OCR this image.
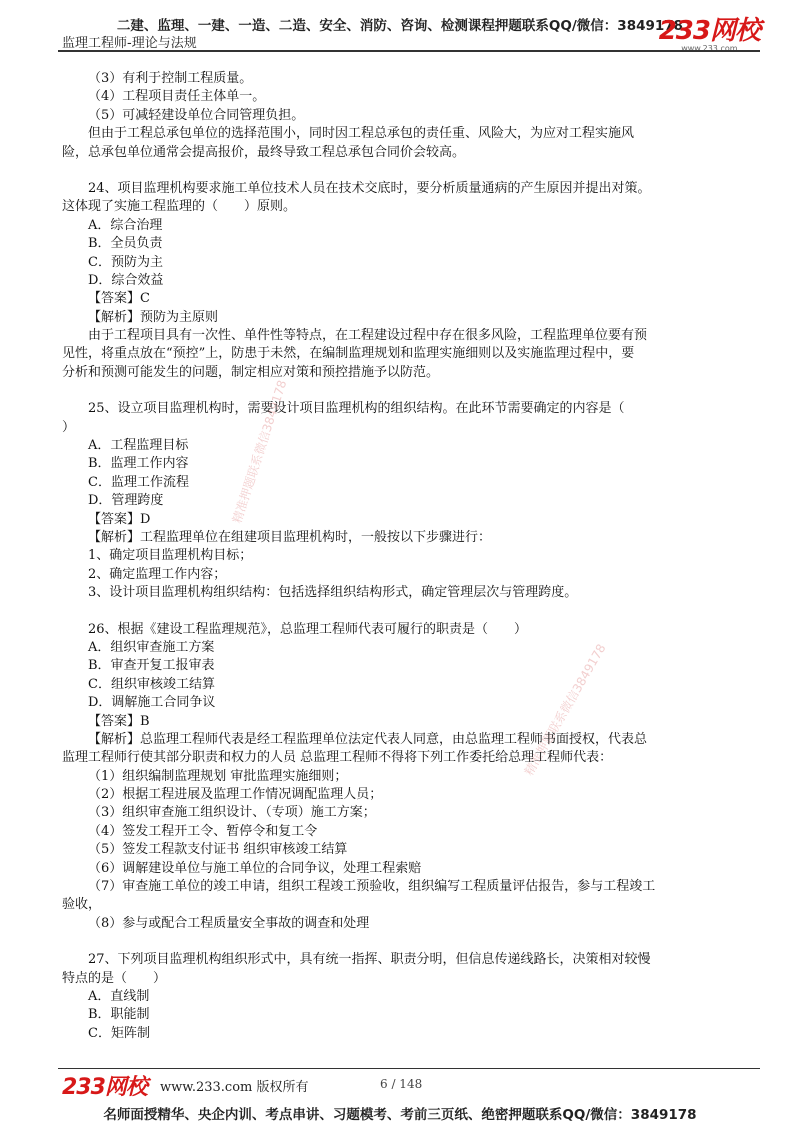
二建、监理、一建、一造、二造、安全、消防、咨询、检测课程押题联系QQ/微信：3849178
监理工程师-理论与法规	233网校
www.233.com
精准押题联系微信3849178
精准押题联系微信3849178
（3）有利于控制工程质量。
（4）工程项目责任主体单一。
（5）可减轻建设单位合同管理负担。
但由于工程总承包单位的选择范围小，同时因工程总承包的责任重、风险大，为应对工程实施风
险，总承包单位通常会提高报价，最终导致工程总承包合同价会较高。
24、项目监理机构要求施工单位技术人员在技术交底时，要分析质量通病的产生原因并提出对策。
这体现了实施工程监理的（　　）原则。
A．综合治理
B．全员负责
C．预防为主
D．综合效益
【答案】C
【解析】预防为主原则
由于工程项目具有一次性、单件性等特点，在工程建设过程中存在很多风险，工程监理单位要有预
见性，将重点放在“预控”上，防患于未然，在编制监理规划和监理实施细则以及实施监理过程中，要
分析和预测可能发生的问题，制定相应对策和预控措施予以防范。
25、设立项目监理机构时，需要设计项目监理机构的组织结构。在此环节需要确定的内容是（
）
A．工程监理目标
B．监理工作内容
C．监理工作流程
D．管理跨度
【答案】D
【解析】工程监理单位在组建项目监理机构时，一般按以下步骤进行：
1、确定项目监理机构目标；
2、确定监理工作内容；
3、设计项目监理机构组织结构：包括选择组织结构形式，确定管理层次与管理跨度。
26、根据《建设工程监理规范》，总监理工程师代表可履行的职责是（　　）
A．组织审查施工方案
B．审查开复工报审表
C．组织审核竣工结算
D．调解施工合同争议
【答案】B
【解析】总监理工程师代表是经工程监理单位法定代表人同意，由总监理工程师书面授权，代表总
监理工程师行使其部分职责和权力的人员 总监理工程师不得将下列工作委托给总理工程师代表：
（1）组织编制监理规划 审批监理实施细则；
（2）根据工程进展及监理工作情况调配监理人员；
（3）组织审查施工组织设计、（专项）施工方案；
（4）签发工程开工令、暂停令和复工令
（5）签发工程款支付证书 组织审核竣工结算
（6）调解建设单位与施工单位的合同争议，处理工程索赔
（7）审查施工单位的竣工申请，组织工程竣工预验收，组织编写工程质量评估报告，参与工程竣工
验收，
（8）参与或配合工程质量安全事故的调查和处理
27、下列项目监理机构组织形式中，具有统一指挥、职责分明，但信息传递线路长，决策相对较慢
特点的是（　　）
A．直线制
B．职能制
C．矩阵制
233网校 www.233.com 版权所有	6 / 148
名师面授精华、央企内训、考点串讲、习题模考、考前三页纸、绝密押题联系QQ/微信：3849178
